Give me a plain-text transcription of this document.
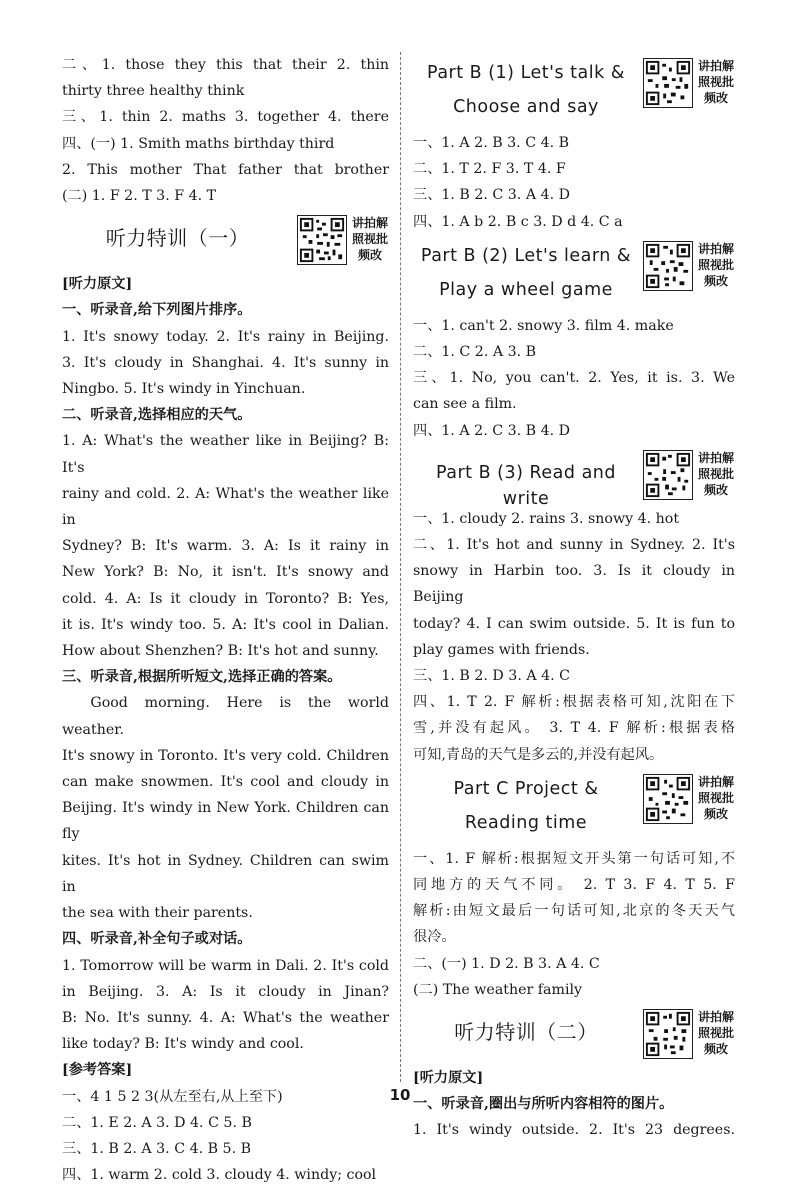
二、1. those they this that their 2. thin
thirty three healthy think
三、1. thin 2. maths 3. together 4. there
四、(一) 1. Smith maths birthday third
2. This mother That father that brother
(二) 1. F 2. T 3. F 4. T
听力特训（一）
讲拍解照视批频改
[听力原文]
一、听录音,给下列图片排序。
1. It's snowy today. 2. It's rainy in Beijing.
3. It's cloudy in Shanghai. 4. It's sunny in
Ningbo. 5. It's windy in Yinchuan.
二、听录音,选择相应的天气。
1. A: What's the weather like in Beijing? B: It's
rainy and cold. 2. A: What's the weather like in
Sydney? B: It's warm. 3. A: Is it rainy in
New York? B: No, it isn't. It's snowy and
cold. 4. A: Is it cloudy in Toronto? B: Yes,
it is. It's windy too. 5. A: It's cool in Dalian.
How about Shenzhen? B: It's hot and sunny.
三、听录音,根据所听短文,选择正确的答案。
Good morning. Here is the world weather.
It's snowy in Toronto. It's very cold. Children
can make snowmen. It's cool and cloudy in
Beijing. It's windy in New York. Children can fly
kites. It's hot in Sydney. Children can swim in
the sea with their parents.
四、听录音,补全句子或对话。
1. Tomorrow will be warm in Dali. 2. It's cold
in Beijing. 3. A: Is it cloudy in Jinan?
B: No. It's sunny. 4. A: What's the weather
like today? B: It's windy and cool.
[参考答案]
一、4 1 5 2 3(从左至右,从上至下)
二、1. E 2. A 3. D 4. C 5. B
三、1. B 2. A 3. C 4. B 5. B
四、1. warm 2. cold 3. cloudy 4. windy; cool
Part B (1) Let's talk &
Choose and say
讲拍解照视批频改
一、1. A 2. B 3. C 4. B
二、1. T 2. F 3. T 4. F
三、1. B 2. C 3. A 4. D
四、1. A b 2. B c 3. D d 4. C a
Part B (2) Let's learn &
Play a wheel game
讲拍解照视批频改
一、1. can't 2. snowy 3. film 4. make
二、1. C 2. A 3. B
三、1. No, you can't. 2. Yes, it is. 3. We
can see a film.
四、1. A 2. C 3. B 4. D
Part B (3) Read and write
讲拍解照视批频改
一、1. cloudy 2. rains 3. snowy 4. hot
二、1. It's hot and sunny in Sydney. 2. It's
snowy in Harbin too. 3. Is it cloudy in Beijing
today? 4. I can swim outside. 5. It is fun to
play games with friends.
三、1. B 2. D 3. A 4. C
四、1. T 2. F 解析:根据表格可知,沈阳在下
雪,并没有起风。 3. T 4. F 解析:根据表格
可知,青岛的天气是多云的,并没有起风。
Part C Project &
Reading time
讲拍解照视批频改
一、1. F 解析:根据短文开头第一句话可知,不
同地方的天气不同。 2. T 3. F 4. T 5. F
解析:由短文最后一句话可知,北京的冬天天气
很冷。
二、(一) 1. D 2. B 3. A 4. C
(二) The weather family
听力特训（二）
讲拍解照视批频改
[听力原文]
一、听录音,圈出与所听内容相符的图片。
1. It's windy outside. 2. It's 23 degrees.
10
